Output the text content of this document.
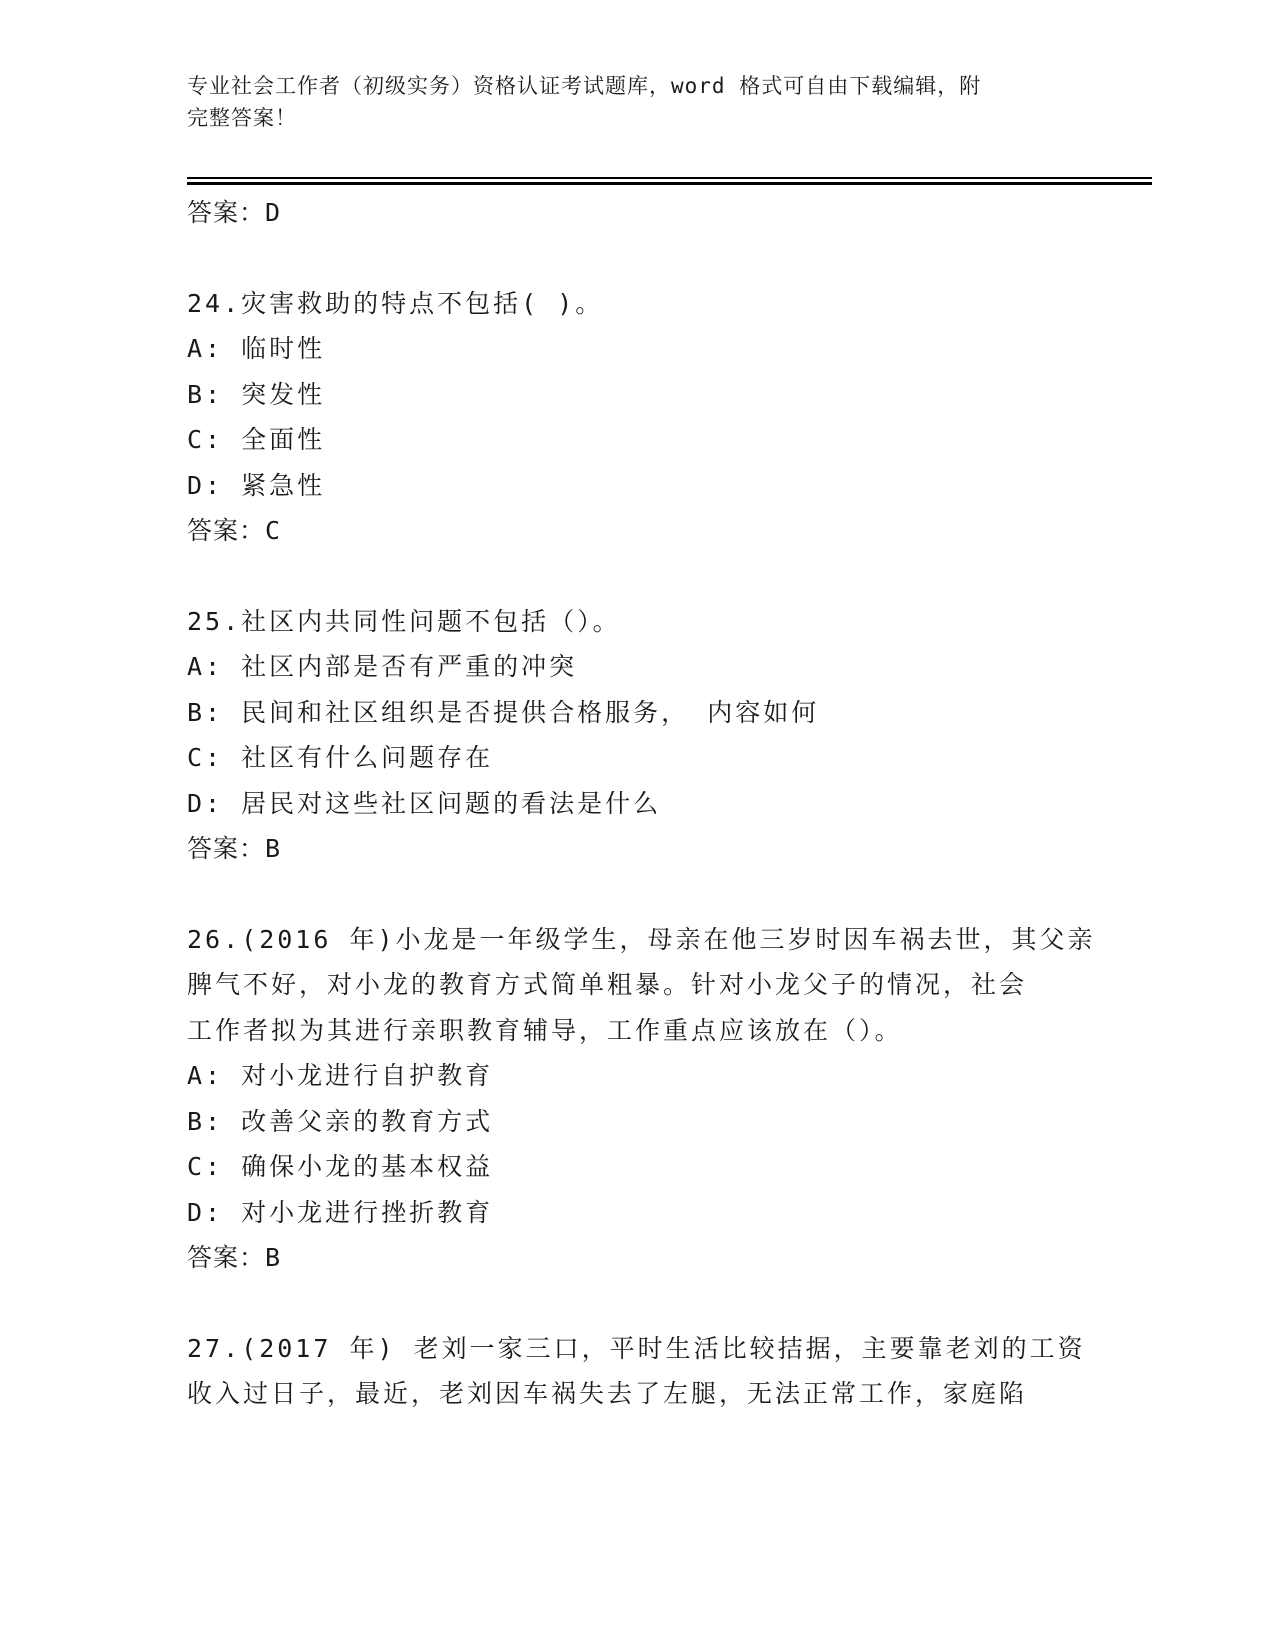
专业社会工作者（初级实务）资格认证考试题库，word 格式可自由下载编辑，附
完整答案！
答案：D
24.灾害救助的特点不包括( )。
A: 临时性
B: 突发性
C: 全面性
D: 紧急性
答案：C
25.社区内共同性问题不包括（）。
A: 社区内部是否有严重的冲突
B: 民间和社区组织是否提供合格服务， 内容如何
C: 社区有什么问题存在
D: 居民对这些社区问题的看法是什么
答案：B
26.(2016 年)小龙是一年级学生，母亲在他三岁时因车祸去世，其父亲
脾气不好，对小龙的教育方式简单粗暴。针对小龙父子的情况，社会
工作者拟为其进行亲职教育辅导，工作重点应该放在（）。
A: 对小龙进行自护教育
B: 改善父亲的教育方式
C: 确保小龙的基本权益
D: 对小龙进行挫折教育
答案：B
27.(2017 年) 老刘一家三口，平时生活比较拮据，主要靠老刘的工资
收入过日子，最近，老刘因车祸失去了左腿，无法正常工作，家庭陷
